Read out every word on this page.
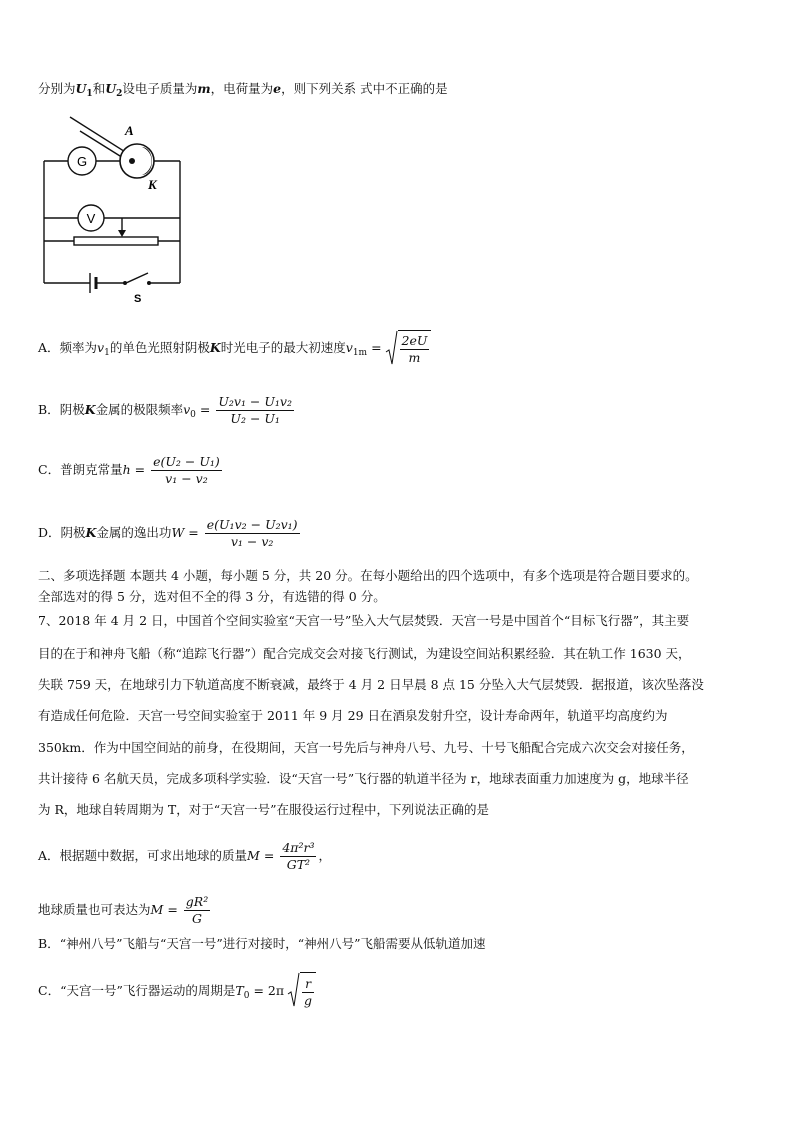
分别为$U_1$和$U_2$设电子质量为m，电荷量为e，则下列关系 式中不正确的是
G
A
K
V
S
A．频率为$v_1$的单色光照射阴极K时光电子的最大初速度$v_{1m} = \frac{2eU}{m}$
B．阴极K金属的极限频率$v_0 = \frac{\text{U₂v₁ − U₁v₂}}{\text{U₂ − U₁}}$
C．普朗克常量$h = \frac{\text{e(U₂ − U₁)}}{\text{v₁ − v₂}}$
D．阴极K金属的逸出功$W = \frac{\text{e(U₁v₂ − U₂v₁)}}{\text{v₁ − v₂}}$
二、多项选择题 本题共 4 小题，每小题 5 分，共 20 分。在每小题给出的四个选项中，有多个选项是符合题目要求的。
全部选对的得 5 分，选对但不全的得 3 分，有选错的得 0 分。
7、2018 年 4 月 2 日，中国首个空间实验室“天宫一号”坠入大气层焚毁．天宫一号是中国首个“目标飞行器”，其主要
目的在于和神舟飞船（称“追踪飞行器”）配合完成交会对接飞行测试，为建设空间站积累经验．其在轨工作 1630 天，
失联 759 天，在地球引力下轨道高度不断衰减，最终于 4 月 2 日早晨 8 点 15 分坠入大气层焚毁．据报道，该次坠落没
有造成任何危险．天宫一号空间实验室于 2011 年 9 月 29 日在酒泉发射升空，设计寿命两年，轨道平均高度约为
350km．作为中国空间站的前身，在役期间，天宫一号先后与神舟八号、九号、十号飞船配合完成六次交会对接任务，
共计接待 6 名航天员，完成多项科学实验．设“天宫一号”飞行器的轨道半径为 r，地球表面重力加速度为 g，地球半径
为 R，地球自转周期为 T，对于“天宫一号”在服役运行过程中，下列说法正确的是
A．根据题中数据，可求出地球的质量$M = \frac{\text{4π²r³}}{\text{GT²}}$ ，
地球质量也可表达为$M = \frac{\text{gR²}}{G}$
B．“神州八号”飞船与“天宫一号”进行对接时，“神州八号”飞船需要从低轨道加速
C．“天宫一号”飞行器运动的周期是$T_0 = 2\pi \frac{r}{g}$
